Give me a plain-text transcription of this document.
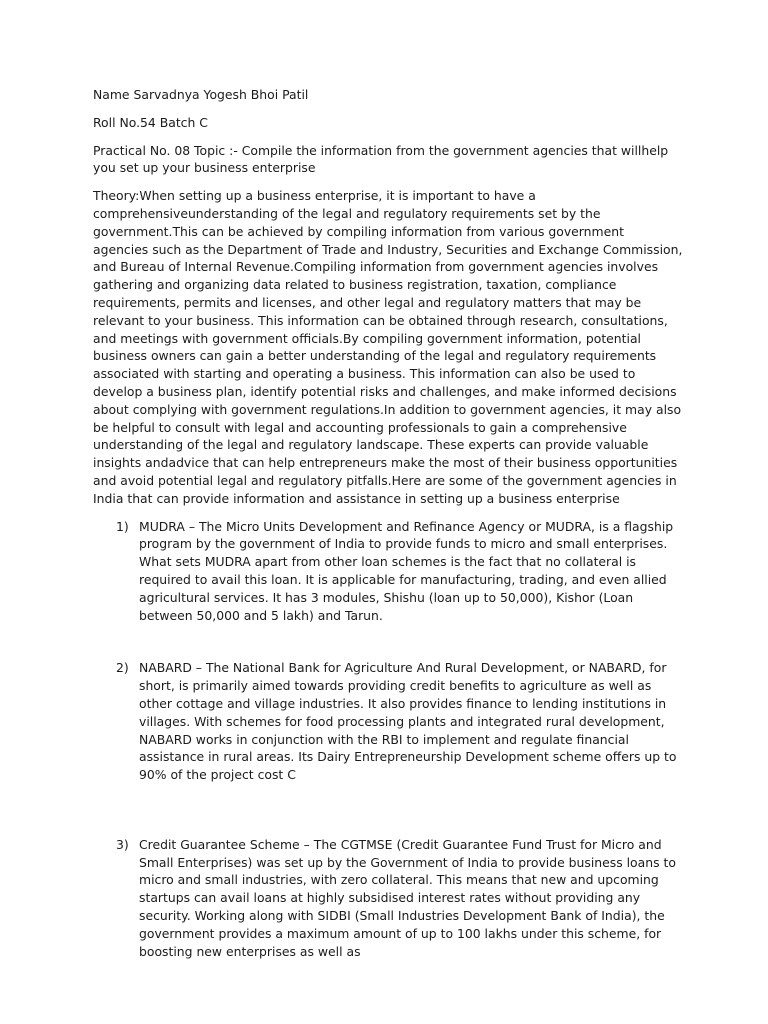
Name Sarvadnya Yogesh Bhoi Patil

Roll No.54 Batch C

Practical No. 08 Topic :- Compile the information from the government agencies that willhelp you set up your business enterprise

Theory:When setting up a business enterprise, it is important to have a comprehensiveunderstanding of the legal and regulatory requirements set by the government.This can be achieved by compiling information from various government agencies such as the Department of Trade and Industry, Securities and Exchange Commission, and Bureau of Internal Revenue.Compiling information from government agencies involves gathering and organizing data related to business registration, taxation, compliance requirements, permits and licenses, and other legal and regulatory matters that may be relevant to your business. This information can be obtained through research, consultations, and meetings with government officials.By compiling government information, potential business owners can gain a better understanding of the legal and regulatory requirements associated with starting and operating a business. This information can also be used to develop a business plan, identify potential risks and challenges, and make informed decisions about complying with government regulations.In addition to government agencies, it may also be helpful to consult with legal and accounting professionals to gain a comprehensive understanding of the legal and regulatory landscape. These experts can provide valuable insights andadvice that can help entrepreneurs make the most of their business opportunities and avoid potential legal and regulatory pitfalls.Here are some of the government agencies in India that can provide information and assistance in setting up a business enterprise

1) MUDRA – The Micro Units Development and Refinance Agency or MUDRA, is a flagship program by the government of India to provide funds to micro and small enterprises. What sets MUDRA apart from other loan schemes is the fact that no collateral is required to avail this loan. It is applicable for manufacturing, trading, and even allied agricultural services. It has 3 modules, Shishu (loan up to 50,000), Kishor (Loan between 50,000 and 5 lakh) and Tarun.
2) NABARD – The National Bank for Agriculture And Rural Development, or NABARD, for short, is primarily aimed towards providing credit benefits to agriculture as well as other cottage and village industries. It also provides finance to lending institutions in villages. With schemes for food processing plants and integrated rural development, NABARD works in conjunction with the RBI to implement and regulate financial assistance in rural areas. Its Dairy Entrepreneurship Development scheme offers up to 90% of the project cost C
3) Credit Guarantee Scheme – The CGTMSE (Credit Guarantee Fund Trust for Micro and Small Enterprises) was set up by the Government of India to provide business loans to micro and small industries, with zero collateral. This means that new and upcoming startups can avail loans at highly subsidised interest rates without providing any security. Working along with SIDBI (Small Industries Development Bank of India), the government provides a maximum amount of up to 100 lakhs under this scheme, for boosting new enterprises as well as
